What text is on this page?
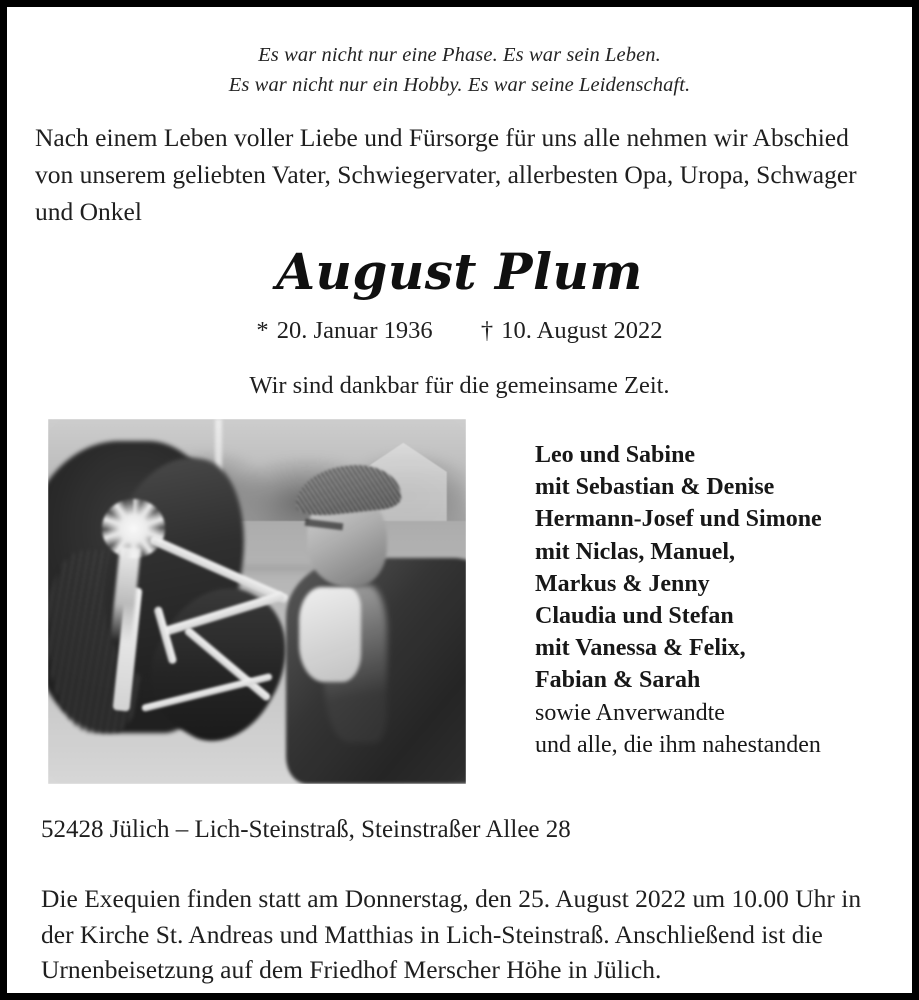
Es war nicht nur eine Phase. Es war sein Leben.
Es war nicht nur ein Hobby. Es war seine Leidenschaft.
Nach einem Leben voller Liebe und Fürsorge für uns alle nehmen wir Abschied von unserem geliebten Vater, Schwiegervater, allerbesten Opa, Uropa, Schwager und Onkel
August Plum
* 20. Januar 1936 † 10. August 2022
Wir sind dankbar für die gemeinsame Zeit.
Leo und Sabine
mit Sebastian & Denise
Hermann-Josef und Simone
mit Niclas, Manuel,
Markus & Jenny
Claudia und Stefan
mit Vanessa & Felix,
Fabian & Sarah
sowie Anverwandte
und alle, die ihm nahestanden
52428 Jülich – Lich-Steinstraß, Steinstraßer Allee 28
Die Exequien finden statt am Donnerstag, den 25. August 2022 um 10.00 Uhr in der Kirche St. Andreas und Matthias in Lich-Steinstraß. Anschließend ist die Urnenbeisetzung auf dem Friedhof Merscher Höhe in Jülich.
